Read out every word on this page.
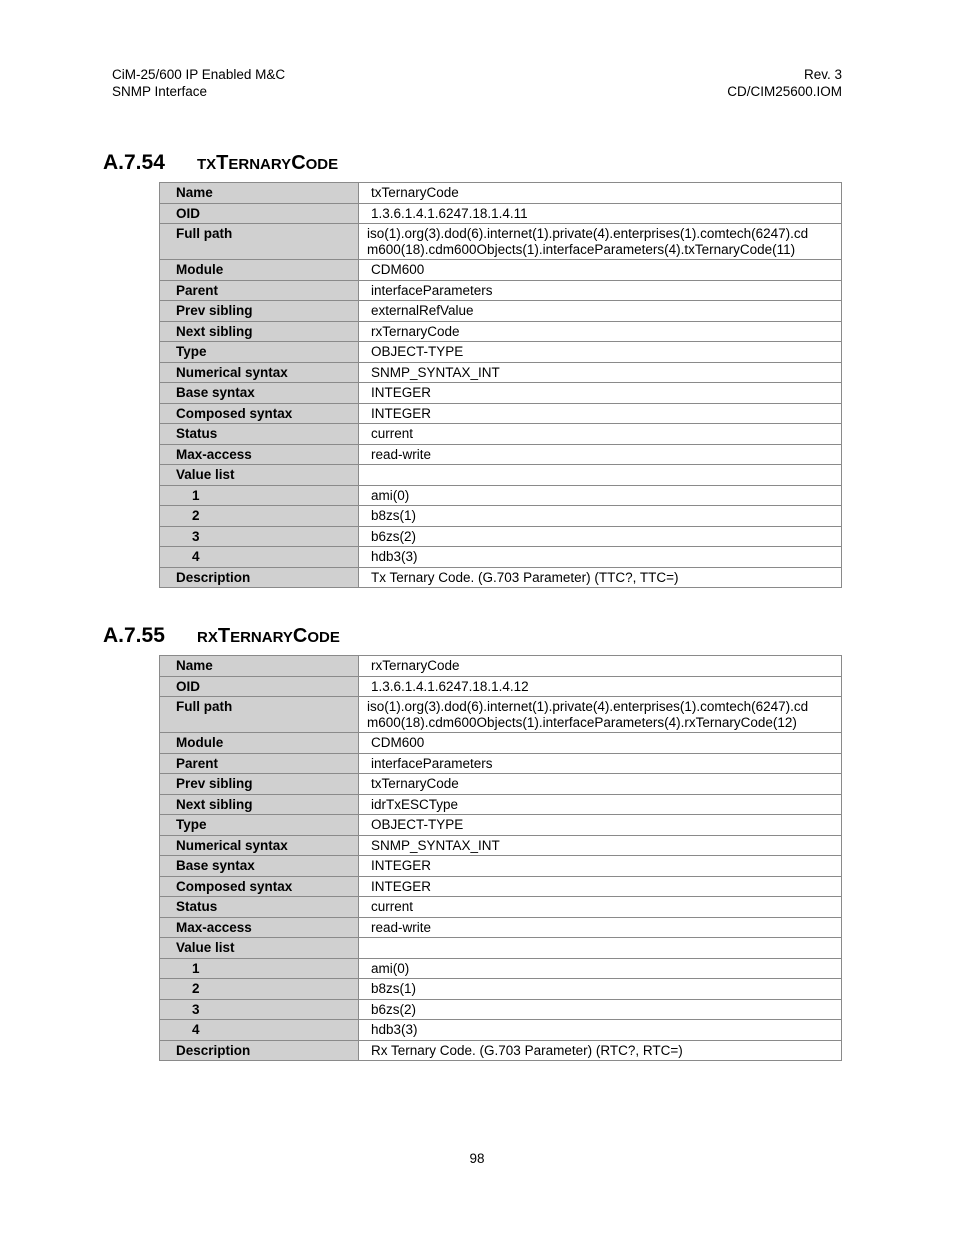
CiM-25/600 IP Enabled M&C
SNMP Interface
Rev. 3
CD/CIM25600.IOM
A.7.54 TXTERNARYCODE
Name	txTernaryCode
OID	1.3.6.1.4.1.6247.18.1.4.11
Full path	iso(1).org(3).dod(6).internet(1).private(4).enterprises(1).comtech(6247).cd
m600(18).cdm600Objects(1).interfaceParameters(4).txTernaryCode(11)

Module	CDM600
Parent	interfaceParameters
Prev sibling	externalRefValue
Next sibling	rxTernaryCode
Type	OBJECT-TYPE
Numerical syntax	SNMP_SYNTAX_INT
Base syntax	INTEGER
Composed syntax	INTEGER
Status	current
Max-access	read-write
Value list	
1	ami(0)
2	b8zs(1)
3	b6zs(2)
4	hdb3(3)
Description	Tx Ternary Code. (G.703 Parameter) (TTC?, TTC=)
A.7.55 RXTERNARYCODE
Name	rxTernaryCode
OID	1.3.6.1.4.1.6247.18.1.4.12
Full path	iso(1).org(3).dod(6).internet(1).private(4).enterprises(1).comtech(6247).cd
m600(18).cdm600Objects(1).interfaceParameters(4).rxTernaryCode(12)

Module	CDM600
Parent	interfaceParameters
Prev sibling	txTernaryCode
Next sibling	idrTxESCType
Type	OBJECT-TYPE
Numerical syntax	SNMP_SYNTAX_INT
Base syntax	INTEGER
Composed syntax	INTEGER
Status	current
Max-access	read-write
Value list	
1	ami(0)
2	b8zs(1)
3	b6zs(2)
4	hdb3(3)
Description	Rx Ternary Code. (G.703 Parameter) (RTC?, RTC=)
98
